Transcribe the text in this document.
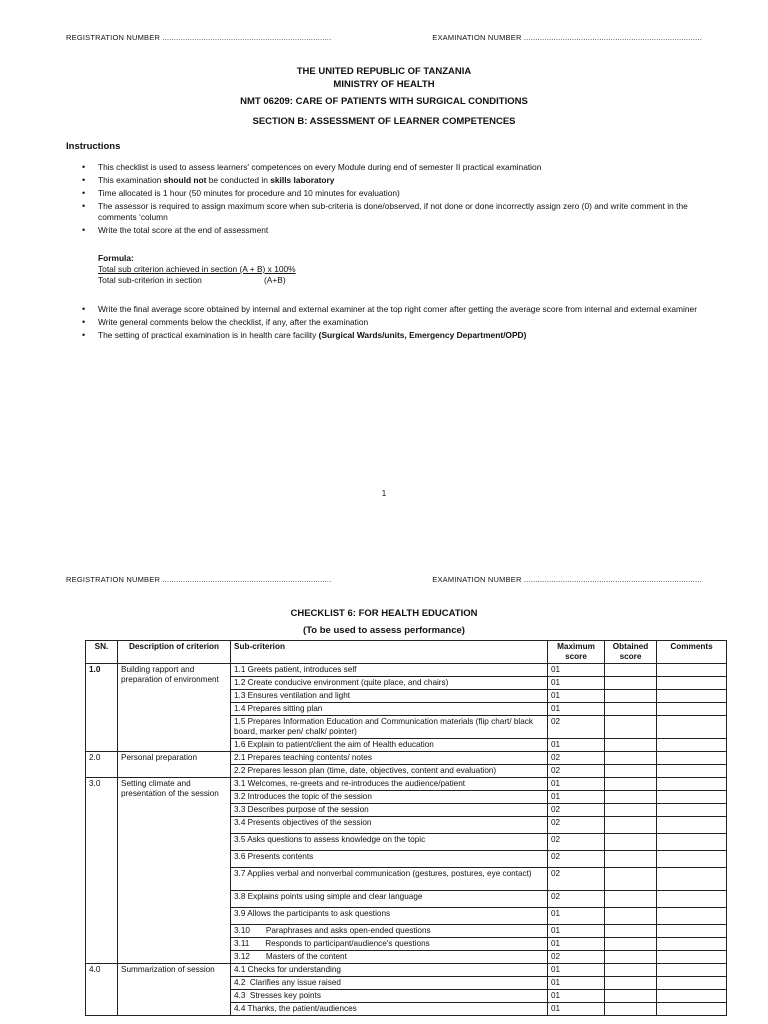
REGISTRATION NUMBER ..........................................................................	EXAMINATION NUMBER ..............................................................................
THE UNITED REPUBLIC OF TANZANIA
MINISTRY OF HEALTH
NMT 06209: CARE OF PATIENTS WITH SURGICAL CONDITIONS
SECTION B: ASSESSMENT OF LEARNER COMPETENCES
Instructions
• This checklist is used to assess learners' competences on every Module during end of semester II practical examination
• This examination should not be conducted in skills laboratory
• Time allocated is 1 hour (50 minutes for procedure and 10 minutes for evaluation)
• The assessor is required to assign maximum score when sub-criteria is done/observed, if not done or done incorrectly assign zero (0) and write comment in the comments ‘column
• Write the total score at the end of assessment
Formula:
Total sub criterion achieved in section (A + B) x 100%
Total sub-criterion in section	(A+B)
• Write the final average score obtained by internal and external examiner at the top right corner after getting the average score from internal and external examiner
• Write general comments below the checklist, if any, after the examination
• The setting of practical examination is in health care facility (Surgical Wards/units, Emergency Department/OPD)
1
REGISTRATION NUMBER ..........................................................................	EXAMINATION NUMBER ..............................................................................
CHECKLIST 6: FOR HEALTH EDUCATION
(To be used to assess performance)
SN.	Description of criterion	Sub-criterion	Maximum score	Obtained score	Comments
1.0	Building rapport and preparation of environment	1.1 Greets patient, introduces self	01		
		1.2 Create conducive environment (quite place, and chairs)	01		
		1.3 Ensures ventilation and light	01		
		1.4 Prepares sitting plan	01		
		1.5 Prepares Information Education and Communication materials (flip chart/ black board, marker pen/ chalk/ pointer)	02		
		1.6 Explain to patient/client the aim of Health education	01		
2.0	Personal preparation	2.1 Prepares teaching contents/ notes	02		
		2.2 Prepares lesson plan (time, date, objectives, content and evaluation)	02		
3.0	Setting climate and presentation of the session	3.1 Welcomes, re-greets and re-introduces the audience/patient	01		
		3.2 Introduces the topic of the session	01		
		3.3 Describes purpose of the session	02		
		3.4 Presents objectives of the session	02		
		3.5 Asks questions to assess knowledge on the topic	02		
		3.6 Presents contents	02		
		3.7 Applies verbal and nonverbal communication (gestures, postures, eye contact)	02		
		3.8 Explains points using simple and clear language	02		
		3.9 Allows the participants to ask questions	01		
		3.10       Paraphrases and asks open-ended questions	01		
		3.11       Responds to participant/audience's questions	01		
		3.12       Masters of the content	02		
4.0	Summarization of session	4.1 Checks for understanding	01		
		4.2  Clarifies any issue raised	01		
		4.3  Stresses key points	01		
		4.4 Thanks, the patient/audiences	01		
